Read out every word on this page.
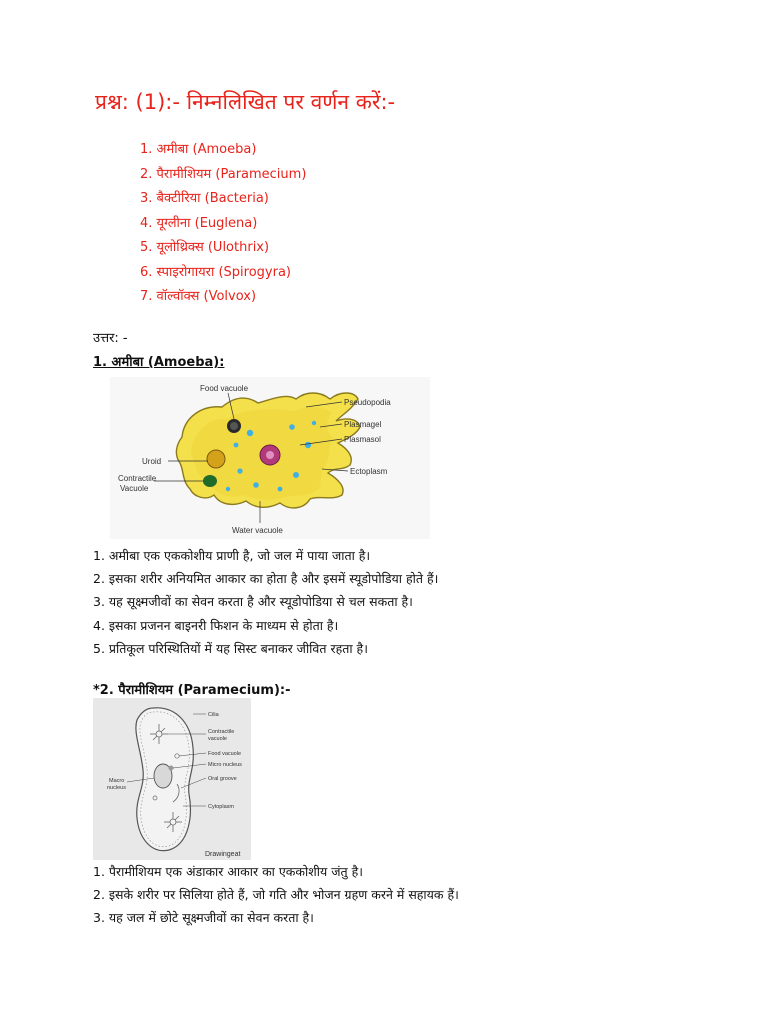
प्रश्न: (1):- निम्नलिखित पर वर्णन करें:-
1. अमीबा (Amoeba)
2. पैरामीशियम (Paramecium)
3. बैक्टीरिया (Bacteria)
4. यूग्लीना (Euglena)
5. यूलोथ्रिक्स (Ulothrix)
6. स्पाइरोगायरा (Spirogyra)
7. वॉल्वॉक्स (Volvox)
उत्तर: -
1. अमीबा (Amoeba):
Food vacuole
Pseudopodia
Plasmagel
Plasmasol
Uroid
Ectoplasm
Contractile
Vacuole
Water vacuole
1. अमीबा एक एककोशीय प्राणी है, जो जल में पाया जाता है।
2. इसका शरीर अनियमित आकार का होता है और इसमें स्यूडोपोडिया होते हैं।
3. यह सूक्ष्मजीवों का सेवन करता है और स्यूडोपोडिया से चल सकता है।
4. इसका प्रजनन बाइनरी फिशन के माध्यम से होता है।
5. प्रतिकूल परिस्थितियों में यह सिस्ट बनाकर जीवित रहता है।
*2. पैरामीशियम (Paramecium):-
Cilia
Contractile
vacuole
Food vacuole
Micro nucleus
Oral groove
Macro
nucleus
Cytoplasm
Drawingeat
1. पैरामीशियम एक अंडाकार आकार का एककोशीय जंतु है।
2. इसके शरीर पर सिलिया होते हैं, जो गति और भोजन ग्रहण करने में सहायक हैं।
3. यह जल में छोटे सूक्ष्मजीवों का सेवन करता है।
